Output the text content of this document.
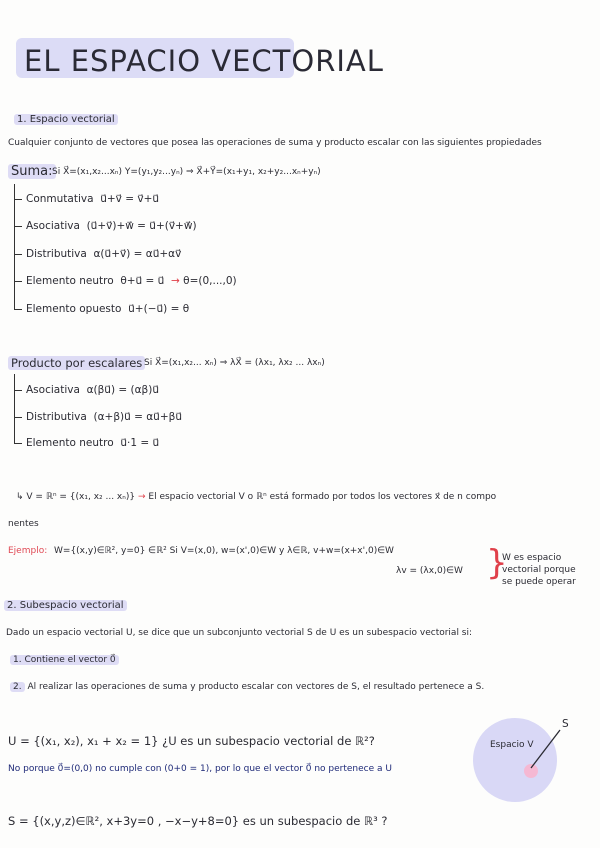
EL ESPACIO VECTORIAL
1. Espacio vectorial
Cualquier conjunto de vectores que posea las operaciones de suma y producto escalar con las siguientes propiedades
Suma: Si X⃗=(x₁,x₂...xₙ) Y=(y₁,y₂...yₙ) ⇒ X⃗+Y⃗=(x₁+y₁, x₂+y₂...xₙ+yₙ)
Conmutativa u⃗+v⃗ = v⃗+u⃗
Asociativa (u⃗+v⃗)+w⃗ = u⃗+(v⃗+w⃗)
Distributiva α(u⃗+v⃗) = αu⃗+αv⃗
Elemento neutro θ+u⃗ = u⃗  → θ=(0,...,0)
Elemento opuesto u⃗+(−u⃗) = θ
Producto por escalares Si X⃗=(x₁,x₂... xₙ) ⇒ λX⃗ = (λx₁, λx₂ ... λxₙ)
Asociativa α(βu⃗) = (αβ)u⃗
Distributiva (α+β)u⃗ = αu⃗+βu⃗
Elemento neutro u⃗·1 = u⃗
↳ V = ℝⁿ = {(x₁, x₂ ... xₙ)} → El espacio vectorial V o ℝⁿ está formado por todos los vectores x⃗ de n compo
nentes
Ejemplo: W={(x,y)∈ℝ², y=0} ∈ℝ² Si V=(x,0), w=(x',0)∈W y λ∈ℝ, v+w=(x+x',0)∈W
λv = (λx,0)∈W }
W es espacio
vectorial porque
se puede operar
2. Subespacio vectorial
Dado un espacio vectorial U, se dice que un subconjunto vectorial S de U es un subespacio vectorial si:
1. Contiene el vector 0⃗
2. Al realizar las operaciones de suma y producto escalar con vectores de S, el resultado pertenece a S.
U = {(x₁, x₂), x₁ + x₂ = 1} ¿U es un subespacio vectorial de ℝ²?
No porque 0⃗=(0,0) no cumple con (0+0 = 1), por lo que el vector 0⃗ no pertenece a U
S = {(x,y,z)∈ℝ², x+3y=0 , −x−y+8=0} es un subespacio de ℝ³ ?
Espacio V
S
